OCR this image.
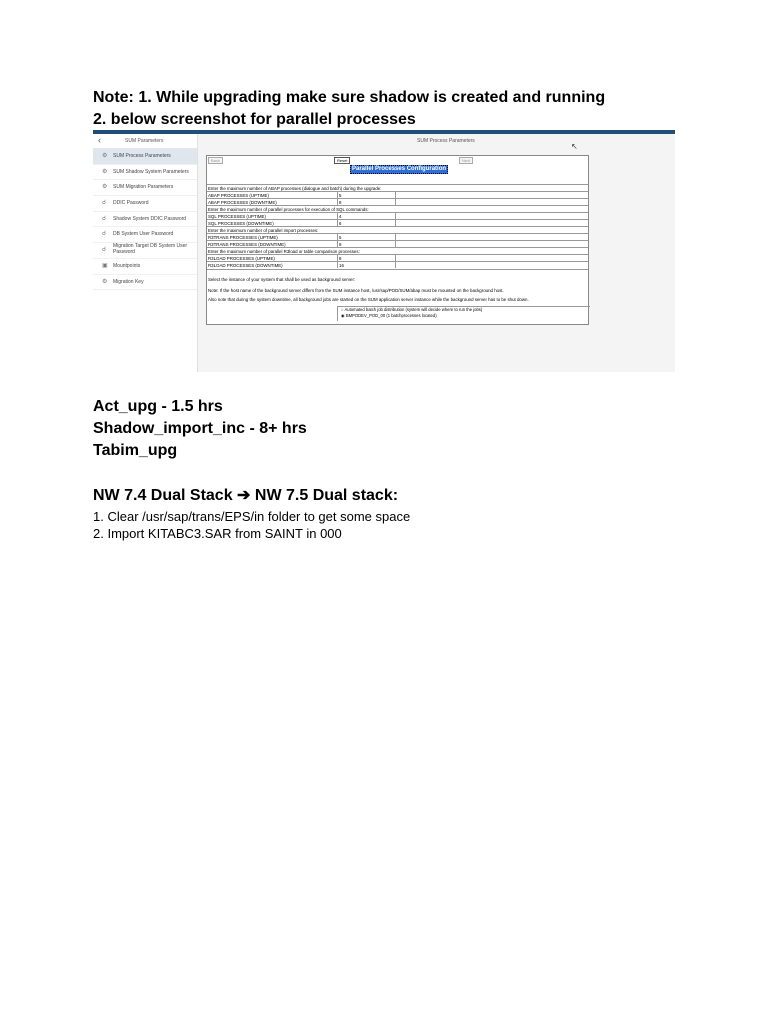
Note: 1. While upgrading make sure shadow is created and running
2. below screenshot for parallel processes
‹	SUM Parameters
⚙ SUM Process Parameters
⚙ SUM Shadow System Parameters
⚙ SUM Migration Parameters
☌ DDIC Password
☌ Shadow System DDIC Password
☌ DB System User Password
☌
Migration Target DB System User Password
▣ Mountpoints
⚙ Migration Key
SUM Process Parameters
↖
Back	Reset	Next
Parallel Processes Configuration
Enter the maximum number of ABAP processes (dialogue and batch) during the upgrade:
ABAP PROCESSES (UPTIME)	5
ABAP PROCESSES (DOWNTIME)	8
Enter the maximum number of parallel processes for execution of SQL commands:
SQL PROCESSES (UPTIME)	4
SQL PROCESSES (DOWNTIME)	6
Enter the maximum number of parallel import processes:
R3TRANS PROCESSES (UPTIME)	5
R3TRANS PROCESSES (DOWNTIME)	8
Enter the maximum number of parallel R3load or table comparison processes:
R3LOAD PROCESSES (UPTIME)	8
R3LOAD PROCESSES (DOWNTIME)	16
Select the instance of your system that shall be used as background server:
Note: If the host name of the background server differs from the SUM instance host, /usr/sap/POD/SUM/abap must be mounted on the background host.
Also note that during the system downtime, all background jobs are started on the SUM application server instance while the background server has to be shut down.
○ Automated batch job distribution (system will decide where to run the jobs)
◉ BMPODEV_POD_00 (1 batchprocesses located)
Act_upg - 1.5 hrs
Shadow_import_inc - 8+ hrs
Tabim_upg
NW 7.4 Dual Stack ➔ NW 7.5 Dual stack:
1. Clear /usr/sap/trans/EPS/in folder to get some space
2. Import KITABC3.SAR from SAINT in 000
